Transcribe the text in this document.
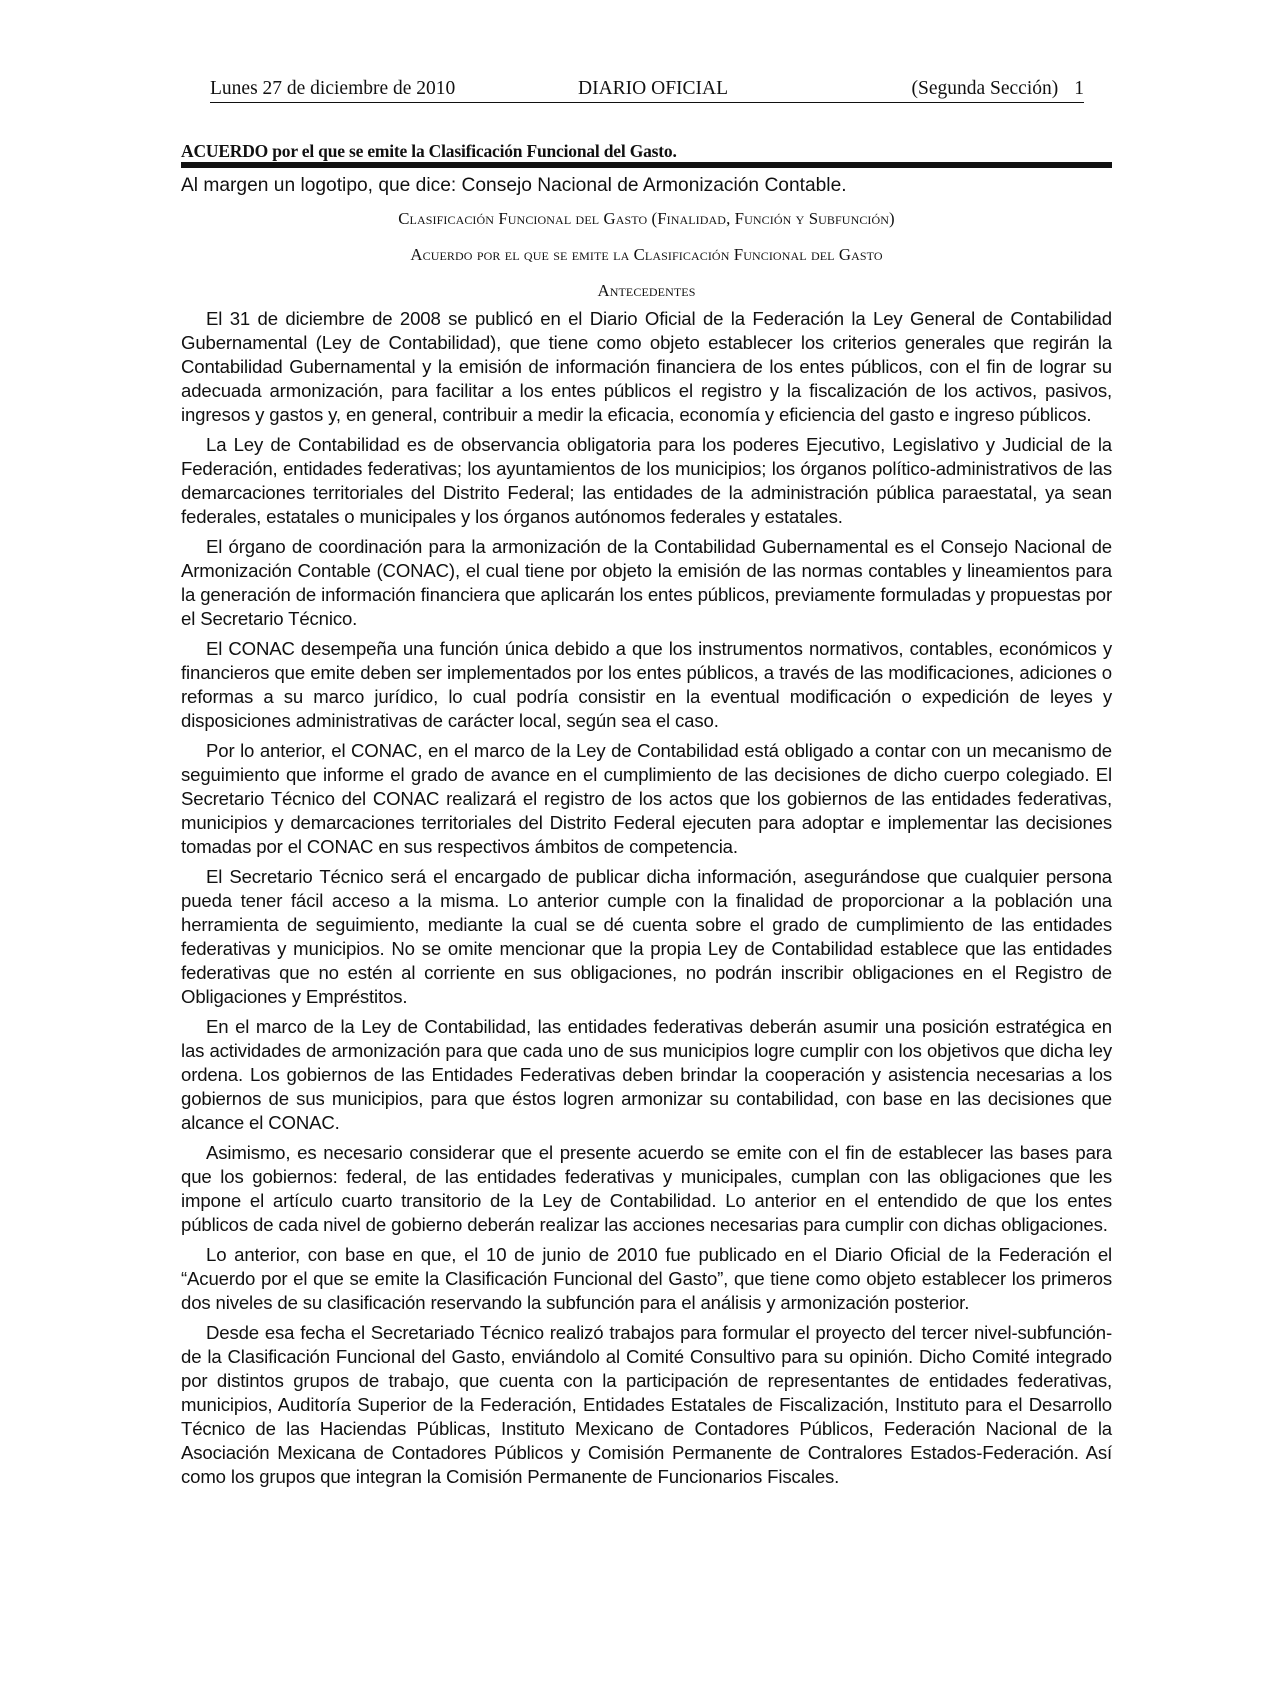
Lunes 27 de diciembre de 2010	DIARIO OFICIAL	(Segunda Sección) 1
ACUERDO por el que se emite la Clasificación Funcional del Gasto.
Al margen un logotipo, que dice: Consejo Nacional de Armonización Contable.
Clasificación Funcional del Gasto (Finalidad, Función y Subfunción)
Acuerdo por el que se emite la Clasificación Funcional del Gasto
Antecedentes

El 31 de diciembre de 2008 se publicó en el Diario Oficial de la Federación la Ley General de Contabilidad Gubernamental (Ley de Contabilidad), que tiene como objeto establecer los criterios generales que regirán la Contabilidad Gubernamental y la emisión de información financiera de los entes públicos, con el fin de lograr su adecuada armonización, para facilitar a los entes públicos el registro y la fiscalización de los activos, pasivos, ingresos y gastos y, en general, contribuir a medir la eficacia, economía y eficiencia del gasto e ingreso públicos.

La Ley de Contabilidad es de observancia obligatoria para los poderes Ejecutivo, Legislativo y Judicial de la Federación, entidades federativas; los ayuntamientos de los municipios; los órganos político-administrativos de las demarcaciones territoriales del Distrito Federal; las entidades de la administración pública paraestatal, ya sean federales, estatales o municipales y los órganos autónomos federales y estatales.

El órgano de coordinación para la armonización de la Contabilidad Gubernamental es el Consejo Nacional de Armonización Contable (CONAC), el cual tiene por objeto la emisión de las normas contables y lineamientos para la generación de información financiera que aplicarán los entes públicos, previamente formuladas y propuestas por el Secretario Técnico.

El CONAC desempeña una función única debido a que los instrumentos normativos, contables, económicos y financieros que emite deben ser implementados por los entes públicos, a través de las modificaciones, adiciones o reformas a su marco jurídico, lo cual podría consistir en la eventual modificación o expedición de leyes y disposiciones administrativas de carácter local, según sea el caso.

Por lo anterior, el CONAC, en el marco de la Ley de Contabilidad está obligado a contar con un mecanismo de seguimiento que informe el grado de avance en el cumplimiento de las decisiones de dicho cuerpo colegiado. El Secretario Técnico del CONAC realizará el registro de los actos que los gobiernos de las entidades federativas, municipios y demarcaciones territoriales del Distrito Federal ejecuten para adoptar e implementar las decisiones tomadas por el CONAC en sus respectivos ámbitos de competencia.

El Secretario Técnico será el encargado de publicar dicha información, asegurándose que cualquier persona pueda tener fácil acceso a la misma. Lo anterior cumple con la finalidad de proporcionar a la población una herramienta de seguimiento, mediante la cual se dé cuenta sobre el grado de cumplimiento de las entidades federativas y municipios. No se omite mencionar que la propia Ley de Contabilidad establece que las entidades federativas que no estén al corriente en sus obligaciones, no podrán inscribir obligaciones en el Registro de Obligaciones y Empréstitos.

En el marco de la Ley de Contabilidad, las entidades federativas deberán asumir una posición estratégica en las actividades de armonización para que cada uno de sus municipios logre cumplir con los objetivos que dicha ley ordena. Los gobiernos de las Entidades Federativas deben brindar la cooperación y asistencia necesarias a los gobiernos de sus municipios, para que éstos logren armonizar su contabilidad, con base en las decisiones que alcance el CONAC.

Asimismo, es necesario considerar que el presente acuerdo se emite con el fin de establecer las bases para que los gobiernos: federal, de las entidades federativas y municipales, cumplan con las obligaciones que les impone el artículo cuarto transitorio de la Ley de Contabilidad. Lo anterior en el entendido de que los entes públicos de cada nivel de gobierno deberán realizar las acciones necesarias para cumplir con dichas obligaciones.

Lo anterior, con base en que, el 10 de junio de 2010 fue publicado en el Diario Oficial de la Federación el “Acuerdo por el que se emite la Clasificación Funcional del Gasto”, que tiene como objeto establecer los primeros dos niveles de su clasificación reservando la subfunción para el análisis y armonización posterior.

Desde esa fecha el Secretariado Técnico realizó trabajos para formular el proyecto del tercer nivel-subfunción- de la Clasificación Funcional del Gasto, enviándolo al Comité Consultivo para su opinión. Dicho Comité integrado por distintos grupos de trabajo, que cuenta con la participación de representantes de entidades federativas, municipios, Auditoría Superior de la Federación, Entidades Estatales de Fiscalización, Instituto para el Desarrollo Técnico de las Haciendas Públicas, Instituto Mexicano de Contadores Públicos, Federación Nacional de la Asociación Mexicana de Contadores Públicos y Comisión Permanente de Contralores Estados-Federación. Así como los grupos que integran la Comisión Permanente de Funcionarios Fiscales.
